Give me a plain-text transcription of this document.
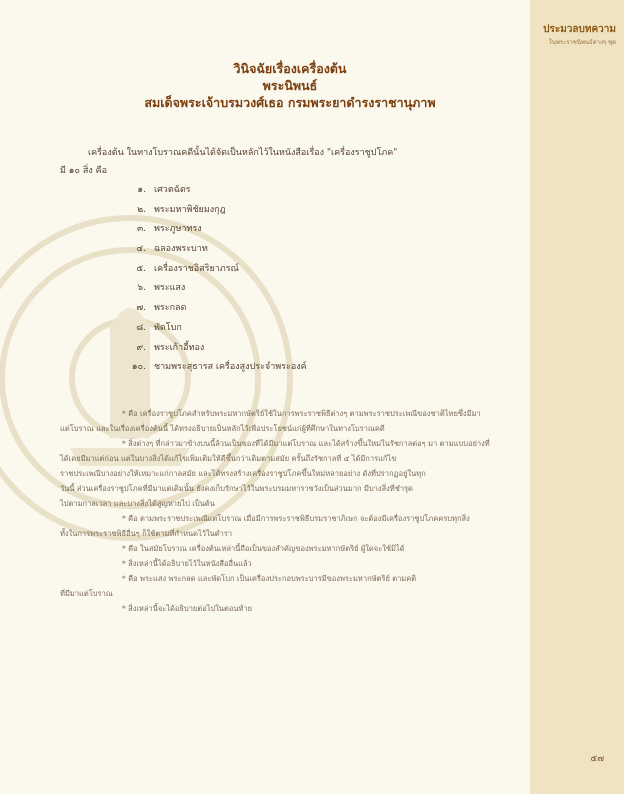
ประมวลบทความ
ในพระราชนิพนธ์ต่างๆ ชุด
วินิจฉัยเรื่องเครื่องต้น
พระนิพนธ์
สมเด็จพระเจ้าบรมวงศ์เธอ กรมพระยาดำรงราชานุภาพ
เครื่องต้น ในทางโบราณคดีนั้นได้จัดเป็นหลักไว้ในหนังสือเรื่อง "เครื่องราชูปโภค"
มี ๑๐ สิ่ง คือ
๑. เศวตฉัตร
๒. พระมหาพิชัยมงกุฎ
๓. พระภูษาทรง
๔. ฉลองพระบาท
๕. เครื่องราชอิสริยาภรณ์
๖. พระแสง
๗. พระกลด
๘. พัดโบก
๙. พระเก้าอี้ทอง
๑๐. ชามพระสุธารส เครื่องสูงประจำพระองค์
* คือ เครื่องราชูปโภคสำหรับพระมหากษัตริย์ใช้ในการพระราชพิธีต่างๆ ตามพระราชประเพณีของชาติไทยซึ่งมีมา
แต่โบราณ และในเรื่องเครื่องต้นนี้ ได้ทรงอธิบายเป็นหลักไว้เพื่อประโยชน์แก่ผู้ที่ศึกษาในทางโบราณคดี
* สิ่งต่างๆ ที่กล่าวมาข้างบนนี้ล้วนเป็นของที่ได้มีมาแต่โบราณ และได้สร้างขึ้นใหม่ในรัชกาลต่อๆ มา ตามแบบอย่างที่
ได้เคยมีมาแต่ก่อน แต่ในบางสิ่งได้แก้ไขเพิ่มเติมให้ดีขึ้นกว่าเดิมตามสมัย ครั้นถึงรัชกาลที่ ๔ ได้มีการแก้ไข
ราชประเพณีบางอย่างให้เหมาะแก่กาลสมัย และได้ทรงสร้างเครื่องราชูปโภคขึ้นใหม่หลายอย่าง ดังที่ปรากฏอยู่ในทุก
วันนี้ ส่วนเครื่องราชูปโภคที่มีมาแต่เดิมนั้น ยังคงเก็บรักษาไว้ในพระบรมมหาราชวังเป็นส่วนมาก มีบางสิ่งที่ชำรุด
ไปตามกาลเวลา และบางสิ่งได้สูญหายไป เป็นต้น
* คือ ตามพระราชประเพณีแต่โบราณ เมื่อมีการพระราชพิธีบรมราชาภิเษก จะต้องมีเครื่องราชูปโภคครบทุกสิ่ง
ทั้งในการพระราชพิธีอื่นๆ ก็ใช้ตามที่กำหนดไว้ในตำรา
* คือ ในสมัยโบราณ เครื่องต้นเหล่านี้ถือเป็นของสำคัญของพระมหากษัตริย์ ผู้ใดจะใช้มิได้
* สิ่งเหล่านี้ได้อธิบายไว้ในหนังสืออื่นแล้ว
* คือ พระแสง พระกลด และพัดโบก เป็นเครื่องประกอบพระบารมีของพระมหากษัตริย์ ตามคติ
ที่มีมาแต่โบราณ
* สิ่งเหล่านี้จะได้อธิบายต่อไปในตอนท้าย
๕๗
